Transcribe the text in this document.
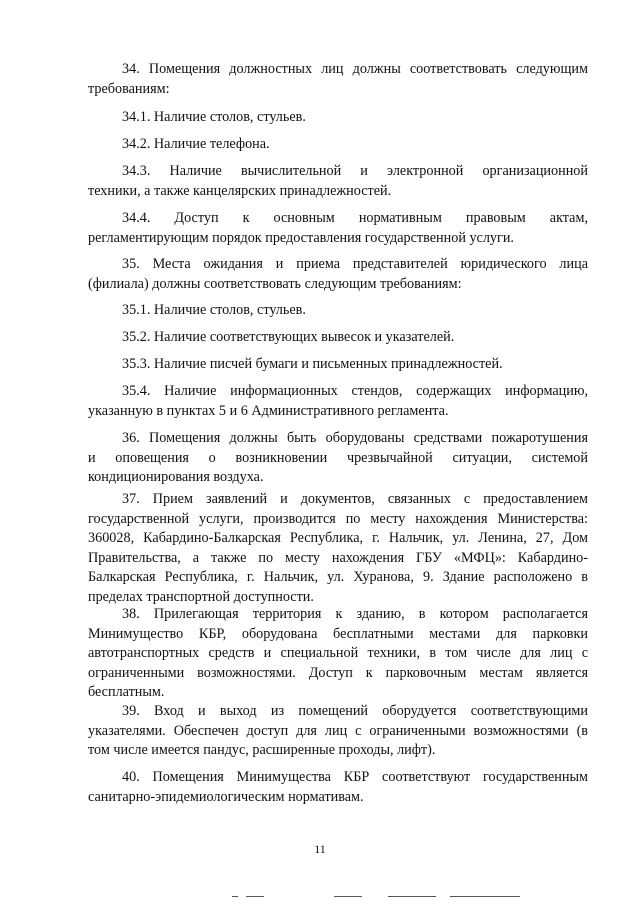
34. Помещения должностных лиц должны соответствовать следующим
требованиям:
34.1. Наличие столов, стульев.
34.2. Наличие телефона.
34.3. Наличие вычислительной и электронной организационной
техники, а также канцелярских принадлежностей.
34.4. Доступ к основным нормативным правовым актам,
регламентирующим порядок предоставления государственной услуги.
35. Места ожидания и приема представителей юридического лица
(филиала) должны соответствовать следующим требованиям:
35.1. Наличие столов, стульев.
35.2. Наличие соответствующих вывесок и указателей.
35.3. Наличие писчей бумаги и письменных принадлежностей.
35.4. Наличие информационных стендов, содержащих информацию,
указанную в пунктах 5 и 6 Административного регламента.
36. Помещения должны быть оборудованы средствами пожаротушения
и оповещения о возникновении чрезвычайной ситуации, системой
кондиционирования воздуха.
37. Прием заявлений и документов, связанных с предоставлением
государственной услуги, производится по месту нахождения Министерства:
360028, Кабардино-Балкарская Республика, г. Нальчик, ул. Ленина, 27, Дом
Правительства, а также по месту нахождения ГБУ «МФЦ»: Кабардино-
Балкарская Республика, г. Нальчик, ул. Хуранова, 9. Здание расположено в
пределах транспортной доступности.
38. Прилегающая территория к зданию, в котором располагается
Минимущество КБР, оборудована бесплатными местами для парковки
автотранспортных средств и специальной техники, в том числе для лиц с
ограниченными возможностями. Доступ к парковочным местам является
бесплатным.
39. Вход и выход из помещений оборудуется соответствующими
указателями. Обеспечен доступ для лиц с ограниченными возможностями (в
том числе имеется пандус, расширенные проходы, лифт).
40. Помещения Минимущества КБР соответствуют государственным
санитарно-эпидемиологическим нормативам.
11
